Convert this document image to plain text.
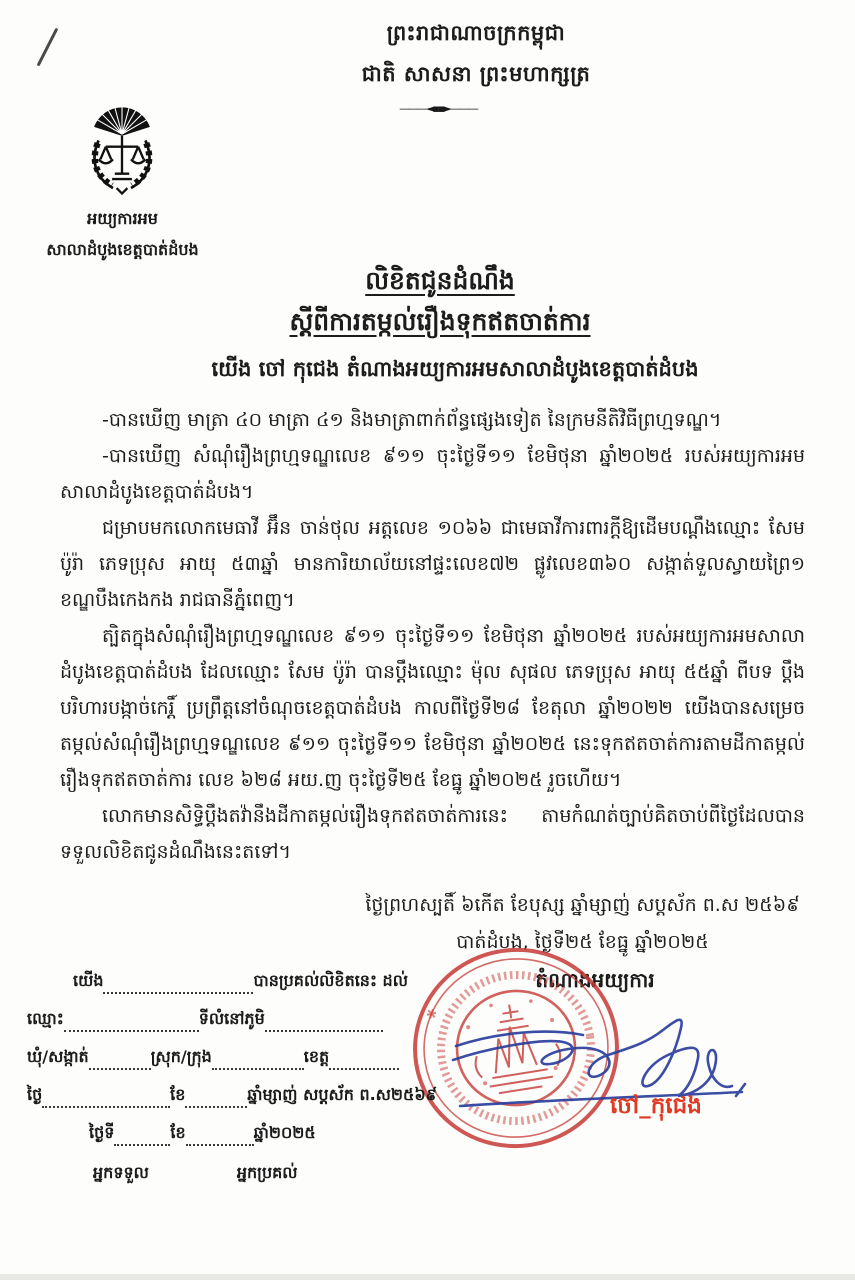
ព្រះរាជាណាចក្រកម្ពុជា
ជាតិ សាសនា ព្រះមហាក្សត្រ
———◄▪▪►———
អយ្យការអម
សាលាដំបូងខេត្តបាត់ដំបង
លិខិតជូនដំណឹង
ស្តីពីការតម្កល់រឿងទុកឥតចាត់ការ
យើង ចៅ កុជេង តំណាងអយ្យការអមសាលាដំបូងខេត្តបាត់ដំបង

-បានឃើញ មាត្រា ៤០ មាត្រា ៤១ និងមាត្រាពាក់ព័ន្ធផ្សេងទៀត នៃក្រមនីតិវិធីព្រហ្មទណ្ឌ។

-បានឃើញ សំណុំរឿងព្រហ្មទណ្ឌលេខ ៩១១ ចុះថ្ងៃទី១១ ខែមិថុនា ឆ្នាំ២០២៥ របស់អយ្យការអមសាលាដំបូងខេត្តបាត់ដំបង។

ជម្រាបមកលោកមេធាវី អ៊ឹន ចាន់ថុល អត្តលេខ ១០៦៦ ជាមេធាវីការពារក្តីឱ្យដើមបណ្តឹងឈ្មោះ សែម ប៉ូរ៉ា ភេទប្រុស អាយុ ៥៣ឆ្នាំ មានការិយាល័យនៅផ្ទះលេខ៧២ ផ្លូវលេខ៣៦០ សង្កាត់ទួលស្វាយព្រៃ១ ខណ្ឌបឹងកេងកង រាជធានីភ្នំពេញ។

ត្បិតក្នុងសំណុំរឿងព្រហ្មទណ្ឌលេខ ៩១១ ចុះថ្ងៃទី១១ ខែមិថុនា ឆ្នាំ២០២៥ របស់អយ្យការអមសាលាដំបូងខេត្តបាត់ដំបង ដែលឈ្មោះ សែម ប៉ូរ៉ា បានប្តឹងឈ្មោះ ម៉ុល សុផល ភេទប្រុស អាយុ ៥៥ឆ្នាំ ពីបទ ប្តឹងបរិហារបង្កាច់កេរ្តិ៍ ប្រព្រឹត្តនៅចំណុចខេត្តបាត់ដំបង កាលពីថ្ងៃទី២៨ ខែតុលា ឆ្នាំ២០២២ យើងបានសម្រេចតម្កល់សំណុំរឿងព្រហ្មទណ្ឌលេខ ៩១១ ចុះថ្ងៃទី១១ ខែមិថុនា ឆ្នាំ២០២៥ នេះទុកឥតចាត់ការតាមដីកាតម្កល់រឿងទុកឥតចាត់ការ លេខ ៦២៨ អយ.ញ ចុះថ្ងៃទី២៥ ខែធ្នូ ឆ្នាំ២០២៥ រួចហើយ។

លោកមានសិទ្ធិប្តឹងតវ៉ានឹងដីកាតម្កល់រឿងទុកឥតចាត់ការនេះ តាមកំណត់ច្បាប់គិតចាប់ពីថ្ងៃដែលបានទទួលលិខិតជូនដំណឹងនេះតទៅ។

ថ្ងៃព្រហស្បតិ៍ ៦កើត ខែបុស្ស ឆ្នាំម្សាញ់ សប្តស័ក ព.ស ២៥៦៩
បាត់ដំបង, ថ្ងៃទី២៥ ខែធ្នូ ឆ្នាំ២០២៥
តំណាងអយ្យការ
✱
ចៅ_កុជេង
យើង	បានប្រគល់លិខិតនេះ ដល់
ឈ្មោះ	ទីលំនៅភូមិ
ឃុំ/សង្កាត់	ស្រុក/ក្រុង	ខេត្ត
ថ្ងៃ	ខែ	ឆ្នាំម្សាញ់ សប្តស័ក ព.ស២៥៦៩
ថ្ងៃទី	ខែ	ឆ្នាំ២០២៥
អ្នកទទួល	អ្នកប្រគល់
